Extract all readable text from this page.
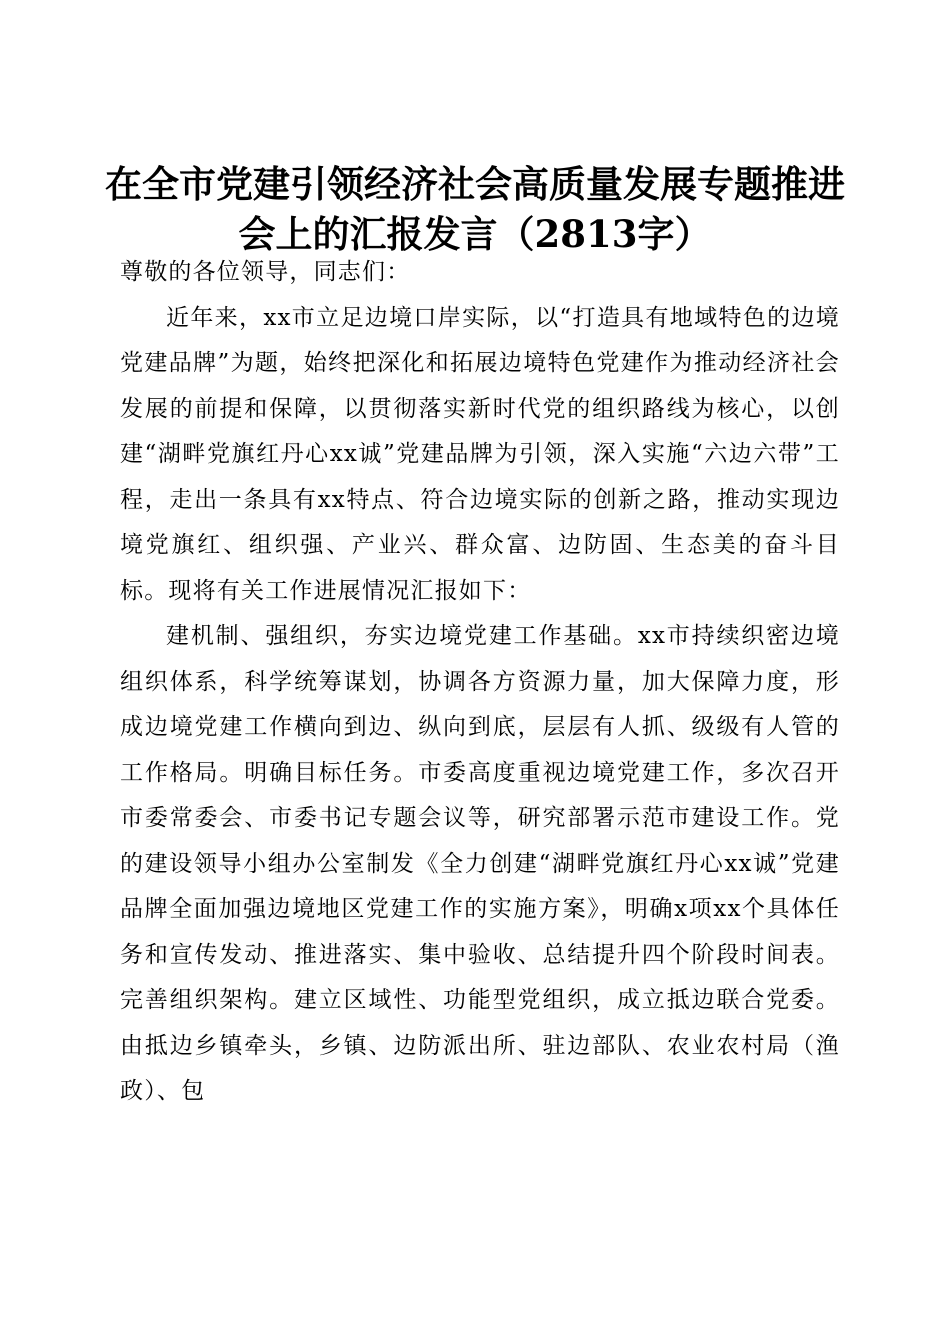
在全市党建引领经济社会高质量发展专题推进
会上的汇报发言（2813字）

尊敬的各位领导，同志们：

近年来，xx市立足边境口岸实际，以“打造具有地域特色的边境党建品牌”为题，始终把深化和拓展边境特色党建作为推动经济社会发展的前提和保障，以贯彻落实新时代党的组织路线为核心，以创建“湖畔党旗红丹心xx诚”党建品牌为引领，深入实施“六边六带”工程，走出一条具有xx特点、符合边境实际的创新之路，推动实现边境党旗红、组织强、产业兴、群众富、边防固、生态美的奋斗目标。现将有关工作进展情况汇报如下：

建机制、强组织，夯实边境党建工作基础。xx市持续织密边境组织体系，科学统筹谋划，协调各方资源力量，加大保障力度，形成边境党建工作横向到边、纵向到底，层层有人抓、级级有人管的工作格局。明确目标任务。市委高度重视边境党建工作，多次召开市委常委会、市委书记专题会议等，研究部署示范市建设工作。党的建设领导小组办公室制发《全力创建“湖畔党旗红丹心xx诚”党建品牌全面加强边境地区党建工作的实施方案》，明确x项xx个具体任务和宣传发动、推进落实、集中验收、总结提升四个阶段时间表。完善组织架构。建立区域性、功能型党组织，成立抵边联合党委。由抵边乡镇牵头，乡镇、边防派出所、驻边部队、农业农村局（渔政）、包
